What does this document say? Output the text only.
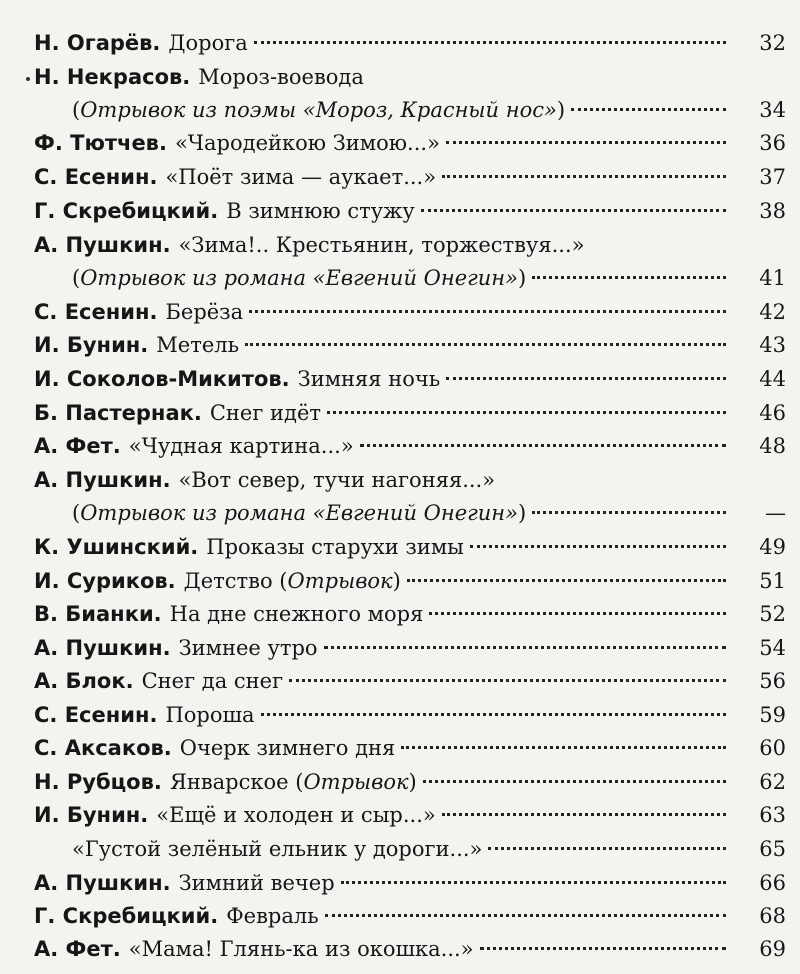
Н. Огарёв. Дорога	32
Н. Некрасов. Мороз-воевода
(Отрывок из поэмы «Мороз, Красный нос»)	34
Ф. Тютчев. «Чародейкою Зимою...»	36
С. Есенин. «Поёт зима — аукает...»	37
Г. Скребицкий. В зимнюю стужу	38
А. Пушкин. «Зима!.. Крестьянин, торжествуя...»
(Отрывок из романа «Евгений Онегин»)	41
С. Есенин. Берёза	42
И. Бунин. Метель	43
И. Соколов-Микитов. Зимняя ночь	44
Б. Пастернак. Снег идёт	46
А. Фет. «Чудная картина...»	48
А. Пушкин. «Вот север, тучи нагоняя...»
(Отрывок из романа «Евгений Онегин»)	—
К. Ушинский. Проказы старухи зимы	49
И. Суриков. Детство (Отрывок)	51
В. Бианки. На дне снежного моря	52
А. Пушкин. Зимнее утро	54
А. Блок. Снег да снег	56
С. Есенин. Пороша	59
С. Аксаков. Очерк зимнего дня	60
Н. Рубцов. Январское (Отрывок)	62
И. Бунин. «Ещё и холоден и сыр...»	63
«Густой зелёный ельник у дороги...»	65
А. Пушкин. Зимний вечер	66
Г. Скребицкий. Февраль	68
А. Фет. «Мама! Глянь-ка из окошка...»	69
